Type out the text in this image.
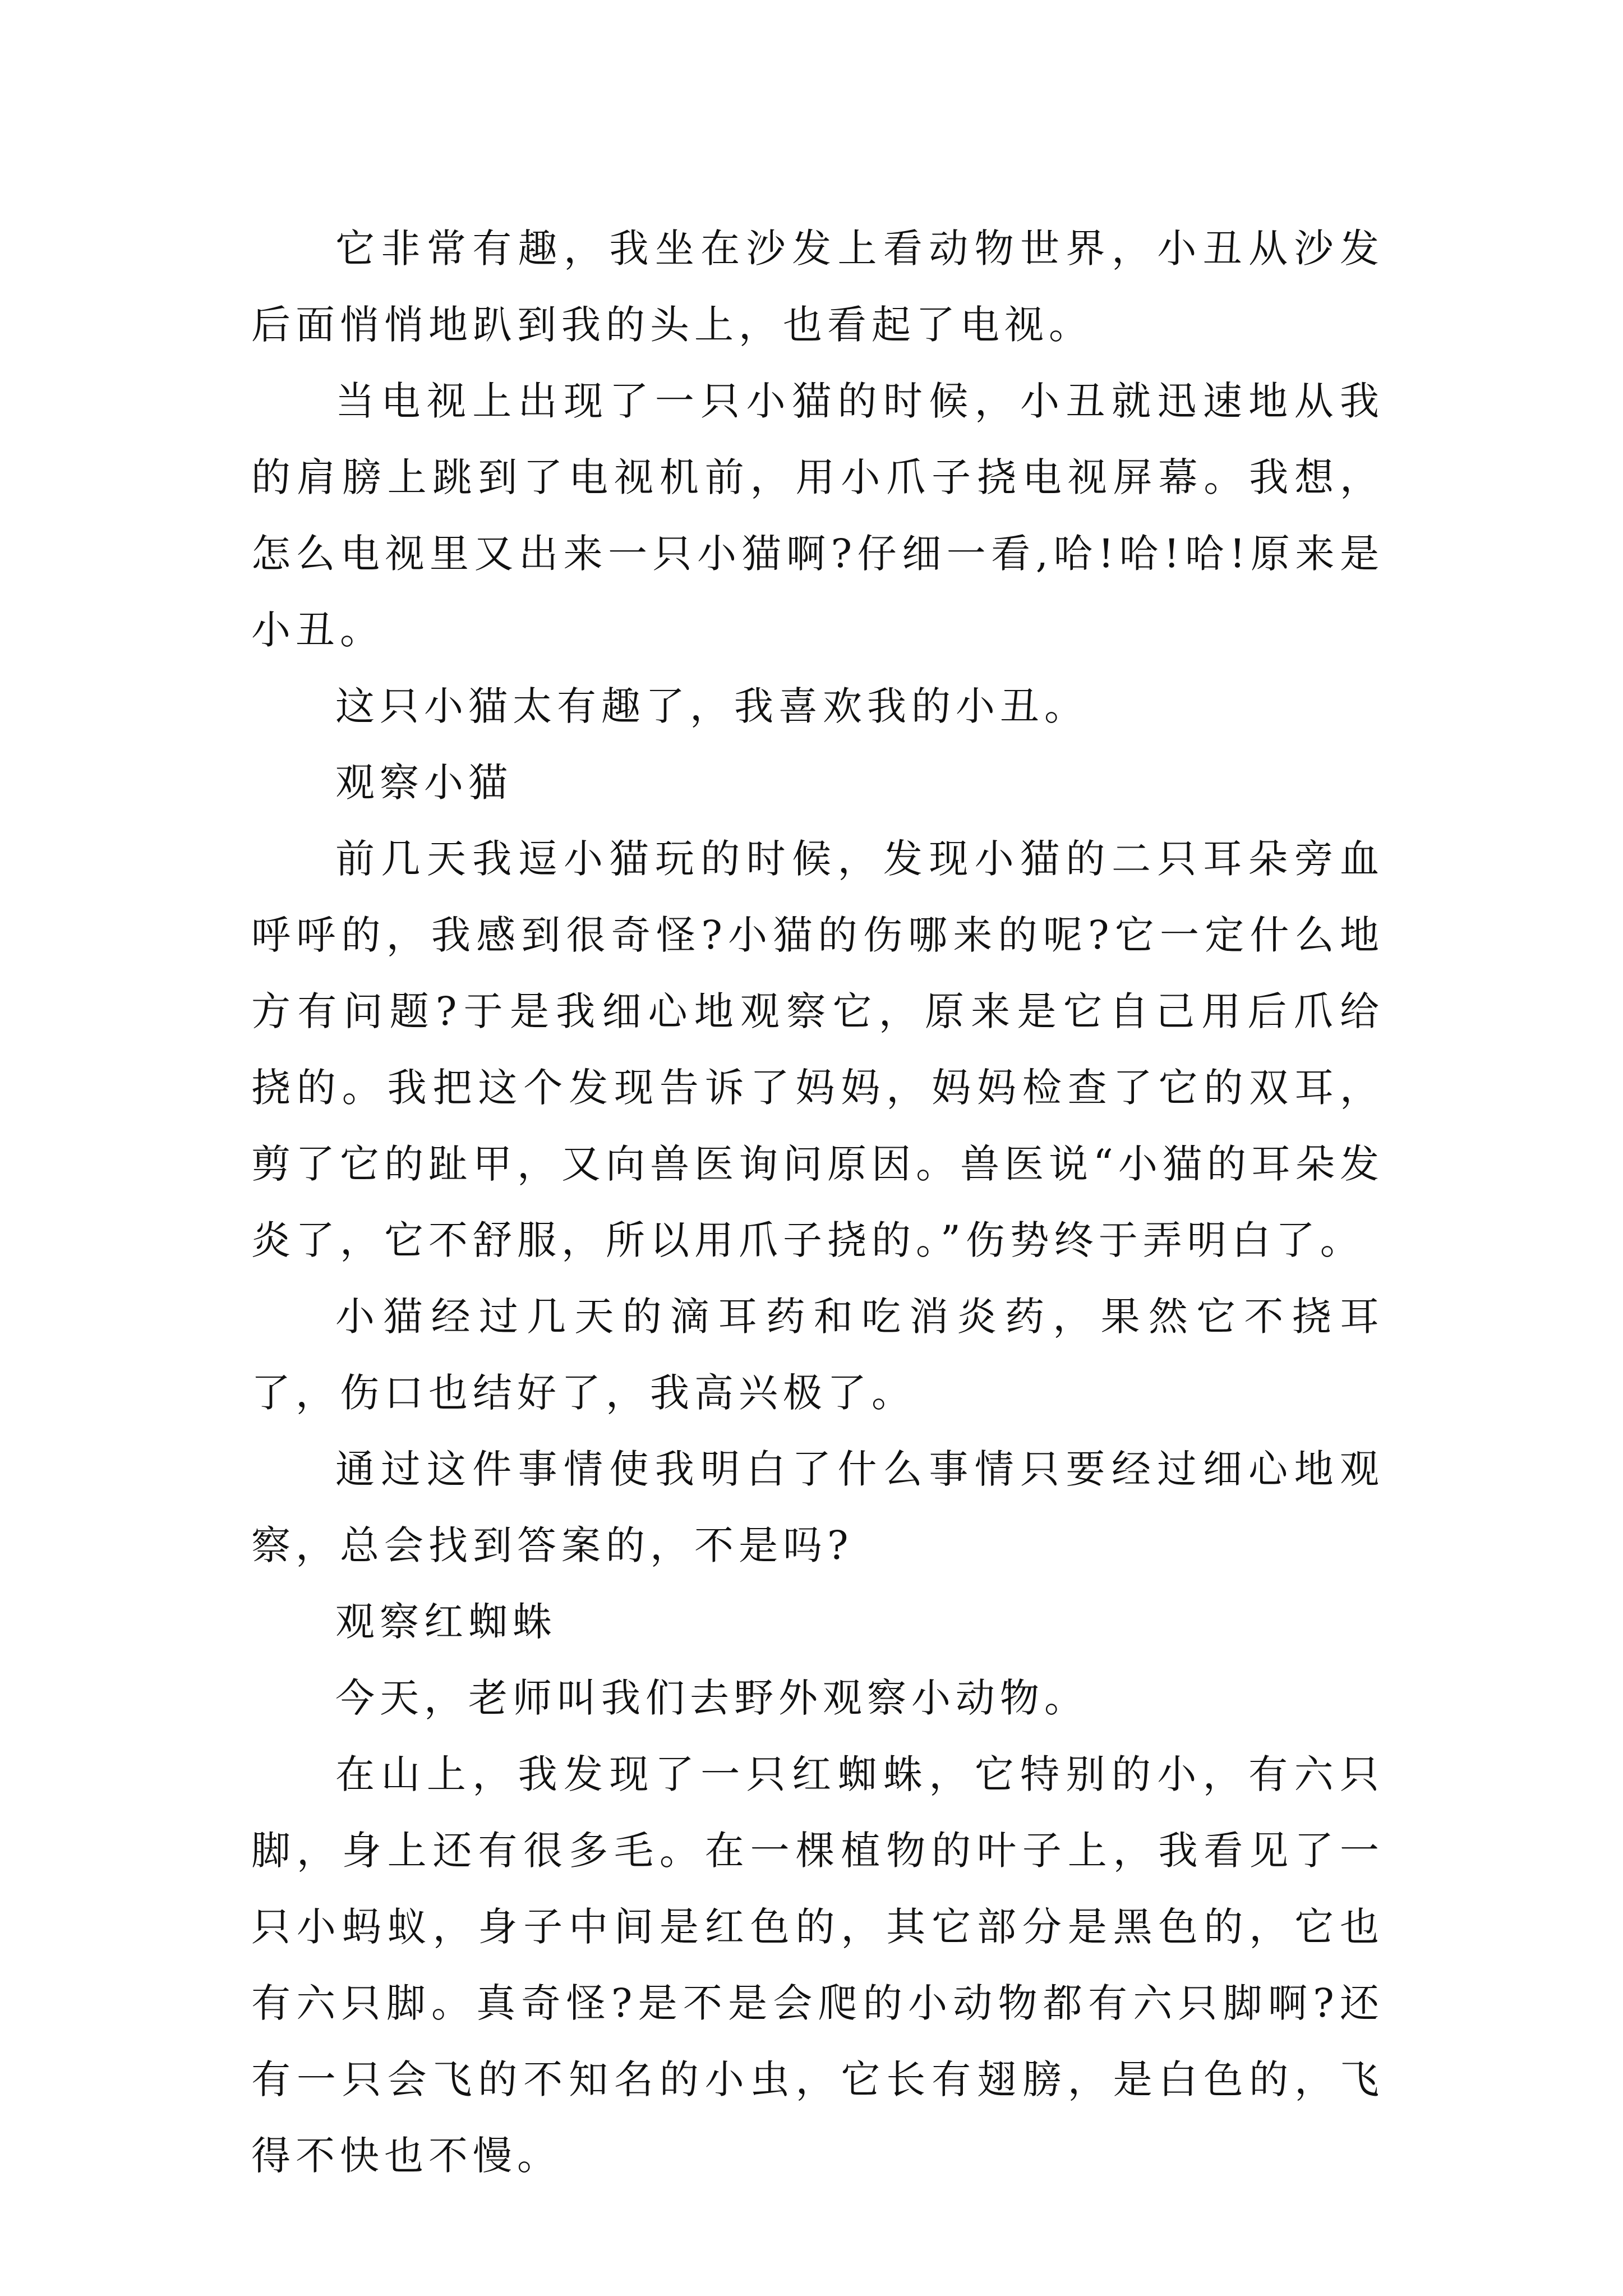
它非常有趣，我坐在沙发上看动物世界，小丑从沙发后面悄悄地趴到我的头上，也看起了电视。

当电视上出现了一只小猫的时候，小丑就迅速地从我的肩膀上跳到了电视机前，用小爪子挠电视屏幕。我想，怎么电视里又出来一只小猫啊?仔细一看,哈!哈!哈!原来是小丑。

这只小猫太有趣了，我喜欢我的小丑。

观察小猫

前几天我逗小猫玩的时候，发现小猫的二只耳朵旁血呼呼的，我感到很奇怪?小猫的伤哪来的呢?它一定什么地方有问题?于是我细心地观察它，原来是它自己用后爪给挠的。我把这个发现告诉了妈妈，妈妈检查了它的双耳，剪了它的趾甲，又向兽医询问原因。兽医说“小猫的耳朵发炎了，它不舒服，所以用爪子挠的。”伤势终于弄明白了。

小猫经过几天的滴耳药和吃消炎药，果然它不挠耳了，伤口也结好了，我高兴极了。

通过这件事情使我明白了什么事情只要经过细心地观察，总会找到答案的，不是吗?

观察红蜘蛛

今天，老师叫我们去野外观察小动物。

在山上，我发现了一只红蜘蛛，它特别的小，有六只脚，身上还有很多毛。在一棵植物的叶子上，我看见了一只小蚂蚁，身子中间是红色的，其它部分是黑色的，它也有六只脚。真奇怪?是不是会爬的小动物都有六只脚啊?还有一只会飞的不知名的小虫，它长有翅膀，是白色的，飞得不快也不慢。
